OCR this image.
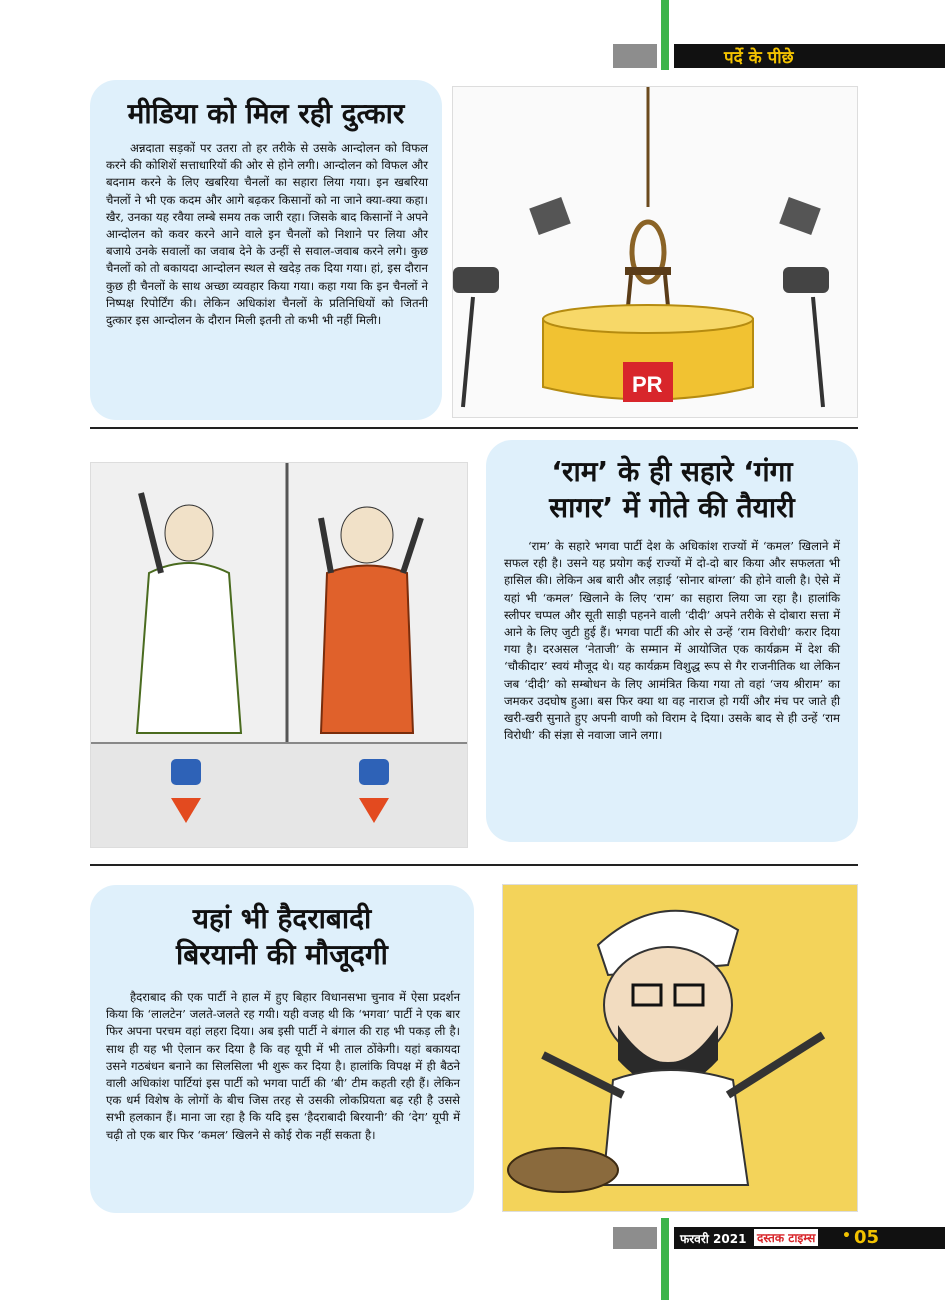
पर्दे के पीछे
मीडिया को मिल रही दुत्कार

अन्नदाता सड़कों पर उतरा तो हर तरीके से उसके आन्दोलन को विफल करने की कोशिशें सत्ताधारियों की ओर से होने लगी। आन्दोलन को विफल और बदनाम करने के लिए खबरिया चैनलों का सहारा लिया गया। इन खबरिया चैनलों ने भी एक कदम और आगे बढ़कर किसानों को ना जाने क्या-क्या कहा। खैर, उनका यह रवैया लम्बे समय तक जारी रहा। जिसके बाद किसानों ने अपने आन्दोलन को कवर करने आने वाले इन चैनलों को निशाने पर लिया और बजाये उनके सवालों का जवाब देने के उन्हीं से सवाल-जवाब करने लगे। कुछ चैनलों को तो बकायदा आन्दोलन स्थल से खदेड़ तक दिया गया। हां, इस दौरान कुछ ही चैनलों के साथ अच्छा व्यवहार किया गया। कहा गया कि इन चैनलों ने निष्पक्ष रिपोर्टिंग की। लेकिन अधिकांश चैनलों के प्रतिनिधियों को जितनी दुत्कार इस आन्दोलन के दौरान मिली इतनी तो कभी भी नहीं मिली।

PR
‘राम’ के ही सहारे ‘गंगा
सागर’ में गोते की तैयारी

‘राम’ के सहारे भगवा पार्टी देश के अधिकांश राज्यों में ‘कमल’ खिलाने में सफल रही है। उसने यह प्रयोग कई राज्यों में दो-दो बार किया और सफलता भी हासिल की। लेकिन अब बारी और लड़ाई ‘सोनार बांग्ला’ की होने वाली है। ऐसे में यहां भी ‘कमल’ खिलाने के लिए ‘राम’ का सहारा लिया जा रहा है। हालांकि स्लीपर चप्पल और सूती साड़ी पहनने वाली ‘दीदी’ अपने तरीके से दोबारा सत्ता में आने के लिए जुटी हुई हैं। भगवा पार्टी की ओर से उन्हें ‘राम विरोधी’ करार दिया गया है। दरअसल ‘नेताजी’ के सम्मान में आयोजित एक कार्यक्रम में देश की ‘चौकीदार’ स्वयं मौजूद थे। यह कार्यक्रम विशुद्ध रूप से गैर राजनीतिक था लेकिन जब ‘दीदी’ को सम्बोधन के लिए आमंत्रित किया गया तो वहां ‘जय श्रीराम’ का जमकर उदघोष हुआ। बस फिर क्या था वह नाराज हो गयीं और मंच पर जाते ही खरी-खरी सुनाते हुए अपनी वाणी को विराम दे दिया। उसके बाद से ही उन्हें ‘राम विरोधी’ की संज्ञा से नवाजा जाने लगा।

यहां भी हैदराबादी
बिरयानी की मौजूदगी

हैदराबाद की एक पार्टी ने हाल में हुए बिहार विधानसभा चुनाव में ऐसा प्रदर्शन किया कि ‘लालटेन’ जलते-जलते रह गयी। यही वजह थी कि ‘भगवा’ पार्टी ने एक बार फिर अपना परचम वहां लहरा दिया। अब इसी पार्टी ने बंगाल की राह भी पकड़ ली है। साथ ही यह भी ऐलान कर दिया है कि वह यूपी में भी ताल ठोंकेगी। यहां बकायदा उसने गठबंधन बनाने का सिलसिला भी शुरू कर दिया है। हालांकि विपक्ष में ही बैठने वाली अधिकांश पार्टियां इस पार्टी को भगवा पार्टी की ‘बी’ टीम कहती रही हैं। लेकिन एक धर्म विशेष के लोगों के बीच जिस तरह से उसकी लोकप्रियता बढ़ रही है उससे सभी हलकान हैं। माना जा रहा है कि यदि इस ‘हैदराबादी बिरयानी’ की ‘देग’ यूपी में चढ़ी तो एक बार फिर ‘कमल’ खिलने से कोई रोक नहीं सकता है।

फरवरी 2021 दस्तक टाइम्स • 05
